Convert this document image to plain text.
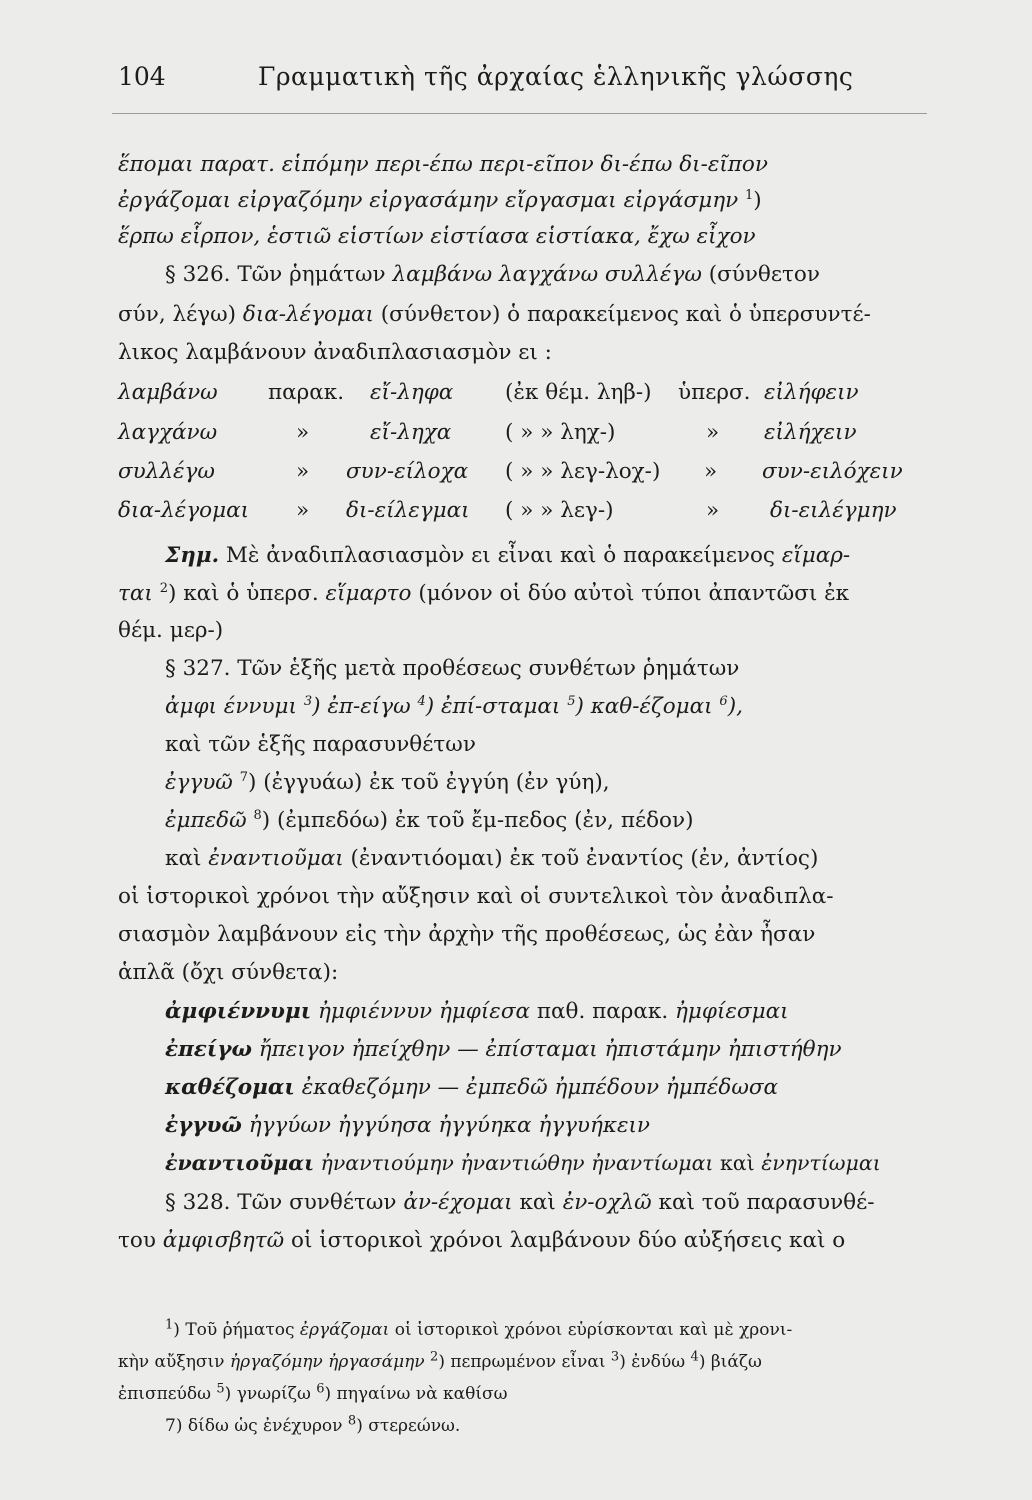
104	Γραμματικὴ τῆς ἀρχαίας ἑλληνικῆς γλώσσης
ἕπομαι παρατ. εἱπόμην περι-έπω περι-εῖπον δι-έπω δι-εῖπον
ἐργάζομαι εἰργαζόμην εἰργασάμην εἴργασμαι εἰργάσμην $^1$)
ἕρπω εἷρπον, ἑστιῶ εἱστίων εἱστίασα εἱστίακα, ἔχω εἶχον
§ 326. Τῶν ῥημάτων λαμβάνω λαγχάνω συλλέγω (σύνθετον
σύν, λέγω) δια-λέγομαι (σύνθετον) ὁ παρακείμενος καὶ ὁ ὑπερσυντέ-
λικος λαμβάνουν ἀναδιπλασιασμὸν ει :
λαμβάνω παρακ. εἴ-ληφα (ἐκ θέμ. ληβ-) ὑπερσ. εἰλήφειν
λαγχάνω	»	εἴ-ληχα ( » » ληχ-)	» εἰλήχειν
συλλέγω	» συν-είλοχα ( » » λεγ-λοχ-) » συν-ειλόχειν
δια-λέγομαι » δι-είλεγμαι ( » » λεγ-)	» δι-ειλέγμην
Σημ. Μὲ ἀναδιπλασιασμὸν ει εἶναι καὶ ὁ παρακείμενος εἵμαρ-
ται $^2$) καὶ ὁ ὑπερσ. εἵμαρτο (μόνον οἱ δύο αὐτοὶ τύποι ἀπαντῶσι ἐκ
θέμ. μερ-)
§ 327. Τῶν ἑξῆς μετὰ προθέσεως συνθέτων ῥημάτων
ἀμφι έννυμι $^3$) ἐπ-είγω $^4$) ἐπί-σταμαι $^5$) καθ-έζομαι $^6$),
καὶ τῶν ἑξῆς παρασυνθέτων
ἐγγυῶ $^7$) (ἐγγυάω) ἐκ τοῦ ἐγγύη (ἐν γύη),
ἐμπεδῶ $^8$) (ἐμπεδόω) ἐκ τοῦ ἔμ-πεδος (ἐν, πέδον)
καὶ ἐναντιοῦμαι (ἐναντιόομαι) ἐκ τοῦ ἐναντίος (ἐν, ἀντίος)
οἱ ἱστορικοὶ χρόνοι τὴν αὔξησιν καὶ οἱ συντελικοὶ τὸν ἀναδιπλα-
σιασμὸν λαμβάνουν εἰς τὴν ἀρχὴν τῆς προθέσεως, ὡς ἐὰν ἦσαν
ἁπλᾶ (ὄχι σύνθετα):
ἀμφιέννυμι ἠμφιέννυν ἠμφίεσα παθ. παρακ. ἠμφίεσμαι
ἐπείγω ἤπειγον ἠπείχθην — ἐπίσταμαι ἠπιστάμην ἠπιστήθην
καθέζομαι ἐκαθεζόμην — ἐμπεδῶ ἠμπέδουν ἠμπέδωσα
ἐγγυῶ ἠγγύων ἠγγύησα ἠγγύηκα ἠγγυήκειν
ἐναντιοῦμαι ἠναντιούμην ἠναντιώθην ἠναντίωμαι καὶ ἐνηντίωμαι
§ 328. Τῶν συνθέτων ἀν-έχομαι καὶ ἐν-οχλῶ καὶ τοῦ παρασυνθέ-
του ἀμφισβητῶ οἱ ἱστορικοὶ χρόνοι λαμβάνουν δύο αὐξήσεις καὶ ο
$^1$) Τοῦ ῥήματος ἐργάζομαι οἱ ἱστορικοὶ χρόνοι εὑρίσκονται καὶ μὲ χρονι-
κὴν αὔξησιν ἠργαζόμην ἠργασάμην $^2$) πεπρωμένον εἶναι $^3$) ἐνδύω $^4$) βιάζω
ἐπισπεύδω $^5$) γνωρίζω $^6$) πηγαίνω νὰ καθίσω
7) δίδω ὡς ἐνέχυρον $^8$) στερεώνω.
